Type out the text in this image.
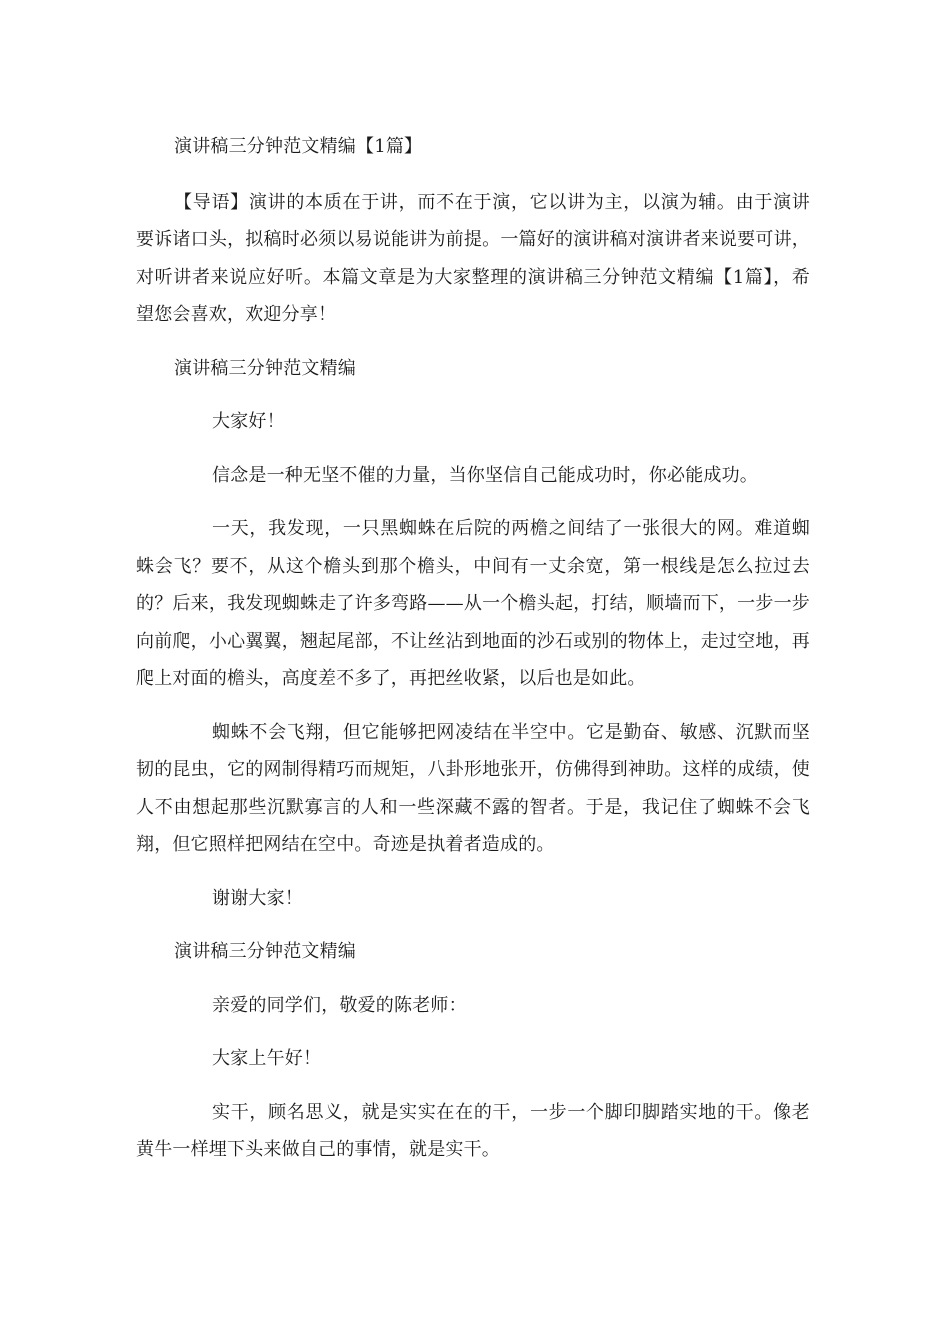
演讲稿三分钟范文精编【1篇】

【导语】演讲的本质在于讲，而不在于演，它以讲为主，以演为辅。由于演讲要诉诸口头，拟稿时必须以易说能讲为前提。一篇好的演讲稿对演讲者来说要可讲，对听讲者来说应好听。本篇文章是为大家整理的演讲稿三分钟范文精编【1篇】，希望您会喜欢，欢迎分享！

演讲稿三分钟范文精编

大家好！

信念是一种无坚不催的力量，当你坚信自己能成功时，你必能成功。

一天，我发现，一只黑蜘蛛在后院的两檐之间结了一张很大的网。难道蜘蛛会飞？要不，从这个檐头到那个檐头，中间有一丈余宽，第一根线是怎么拉过去的？后来，我发现蜘蛛走了许多弯路——从一个檐头起，打结，顺墙而下，一步一步向前爬，小心翼翼，翘起尾部，不让丝沾到地面的沙石或别的物体上，走过空地，再爬上对面的檐头，高度差不多了，再把丝收紧，以后也是如此。

蜘蛛不会飞翔，但它能够把网凌结在半空中。它是勤奋、敏感、沉默而坚韧的昆虫，它的网制得精巧而规矩，八卦形地张开，仿佛得到神助。这样的成绩，使人不由想起那些沉默寡言的人和一些深藏不露的智者。于是，我记住了蜘蛛不会飞翔，但它照样把网结在空中。奇迹是执着者造成的。

谢谢大家！

演讲稿三分钟范文精编

亲爱的同学们，敬爱的陈老师：

大家上午好！

实干，顾名思义，就是实实在在的干，一步一个脚印脚踏实地的干。像老黄牛一样埋下头来做自己的事情，就是实干。
